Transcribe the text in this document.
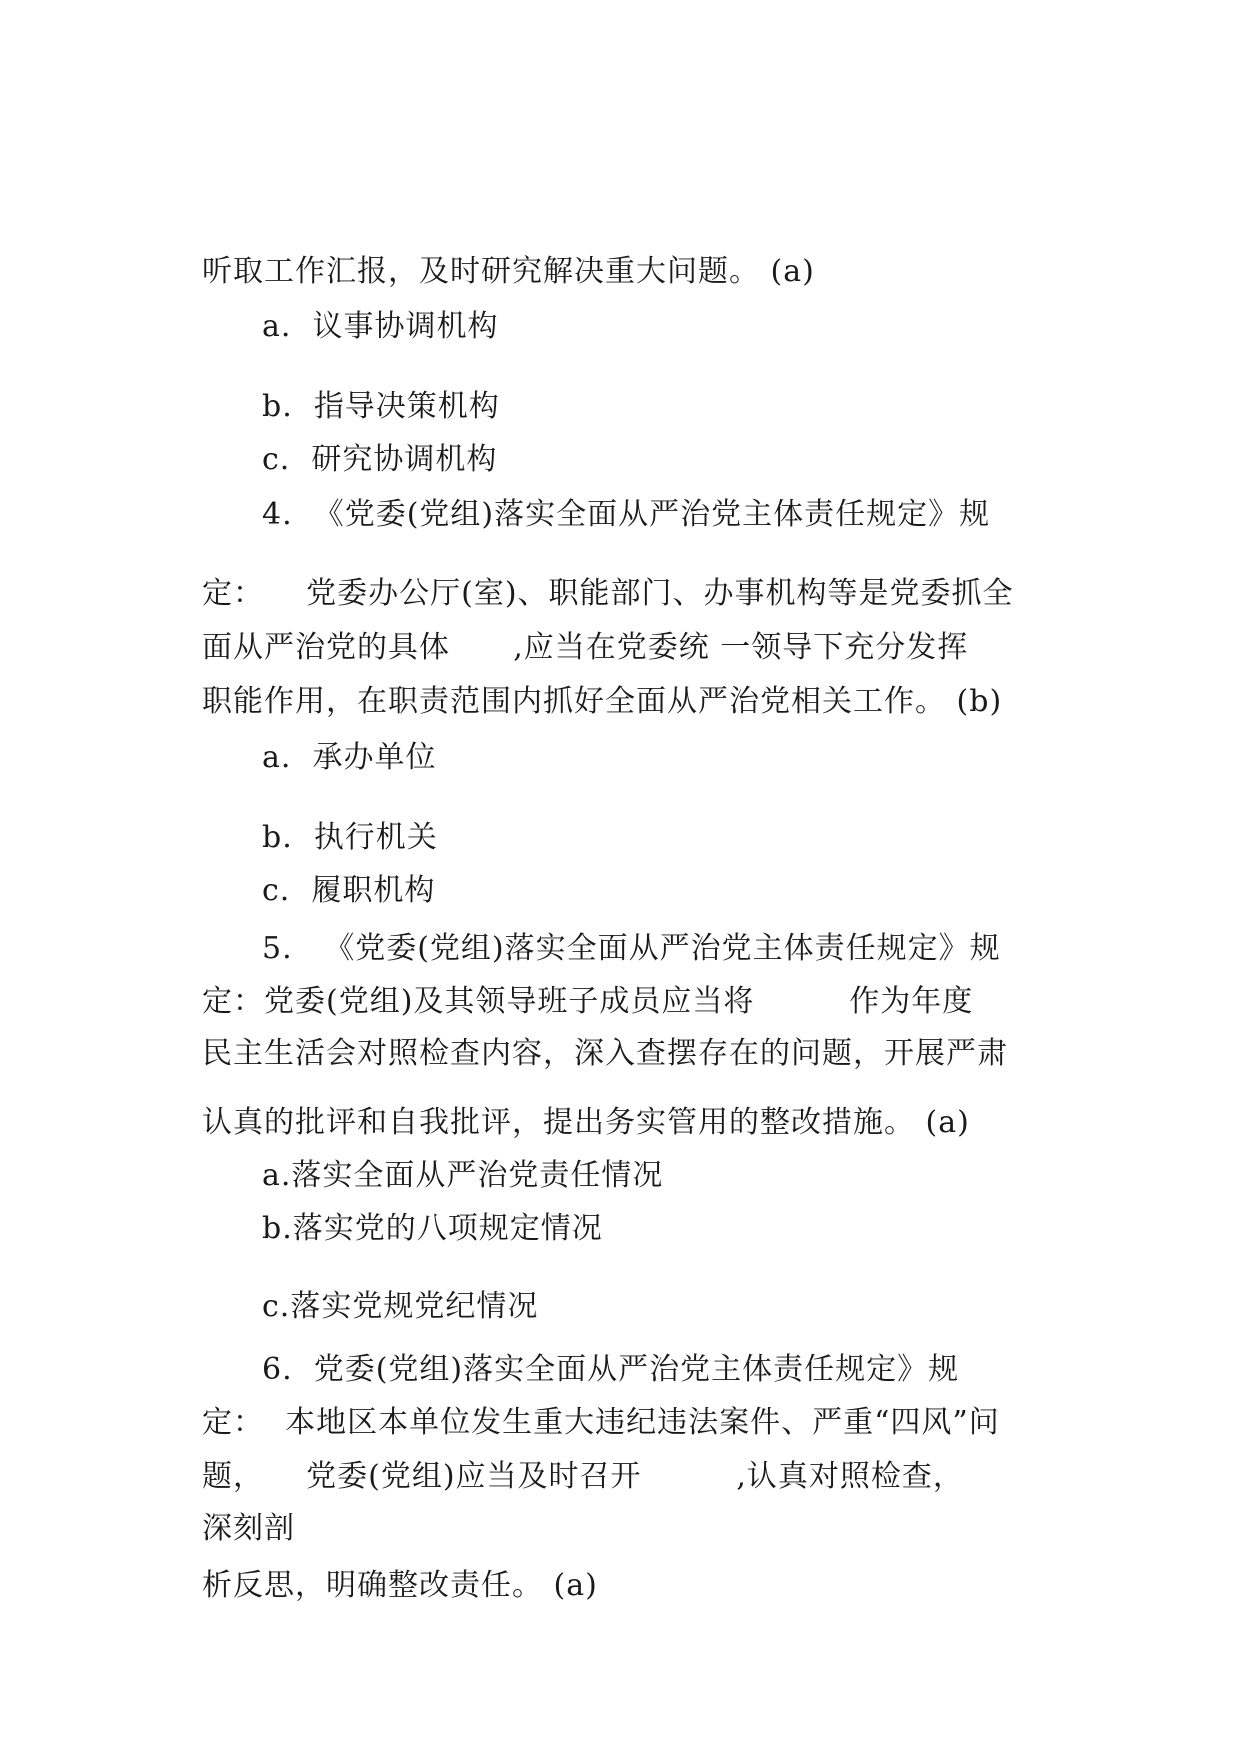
听取工作汇报，及时研究解决重大问题。 (a)
a.  议事协调机构
b.  指导决策机构
c.  研究协调机构
4.  《党委(党组)落实全面从严治党主体责任规定》规
定：    党委办公厅(室)、职能部门、办事机构等是党委抓全
面从严治党的具体      ,应当在党委统 一领导下充分发挥
职能作用，在职责范围内抓好全面从严治党相关工作。 (b)
a.  承办单位
b.  执行机关
c.  履职机构
5.   《党委(党组)落实全面从严治党主体责任规定》规
定：党委(党组)及其领导班子成员应当将         作为年度
民主生活会对照检查内容，深入查摆存在的问题，开展严肃
认真的批评和自我批评，提出务实管用的整改措施。 (a)
a.落实全面从严治党责任情况
b.落实党的八项规定情况
c.落实党规党纪情况
6.  党委(党组)落实全面从严治党主体责任规定》规
定：  本地区本单位发生重大违纪违法案件、严重“四风”问
题，    党委(党组)应当及时召开         ,认真对照检查，
深刻剖
析反思，明确整改责任。 (a)
